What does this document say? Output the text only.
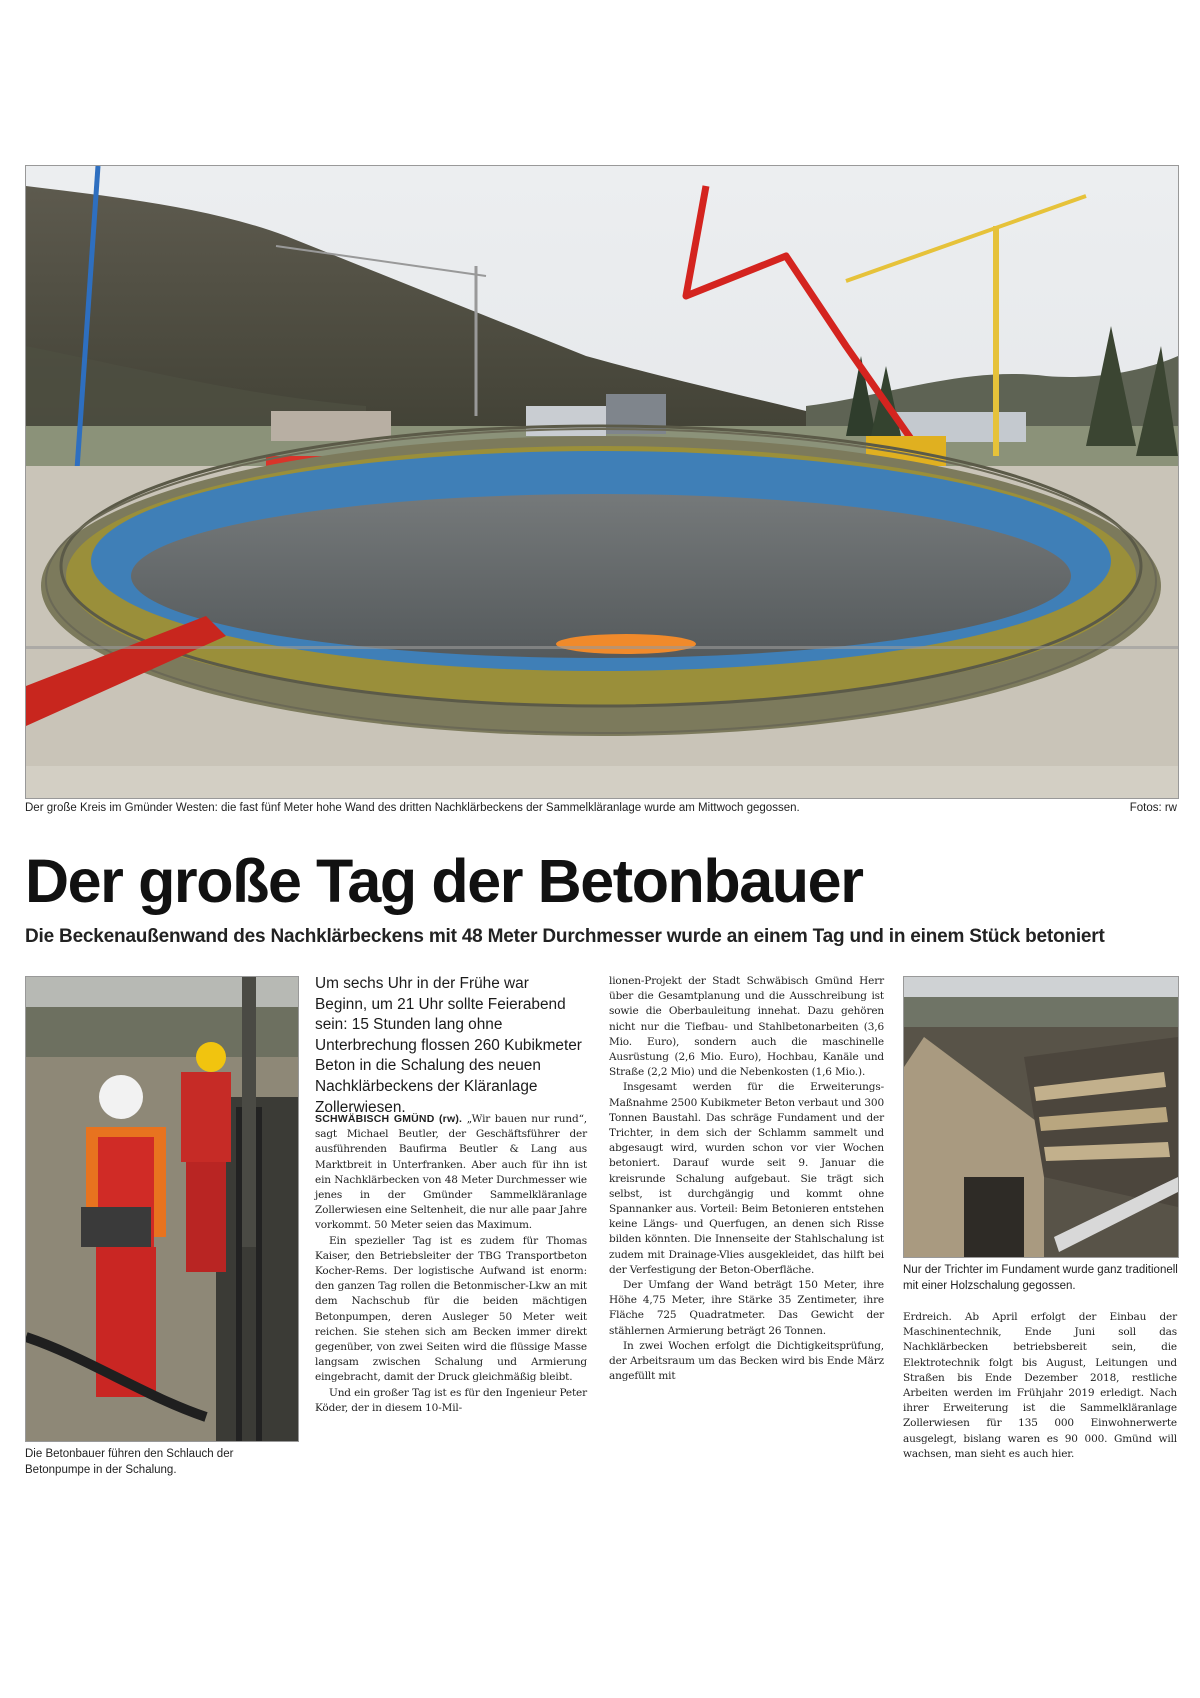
Der große Kreis im Gmünder Westen: die fast fünf Meter hohe Wand des dritten Nachklärbeckens der Sammelkläranlage wurde am Mittwoch gegossen.	Fotos: rw
Der große Tag der Betonbauer
Die Beckenaußenwand des Nachklärbeckens mit 48 Meter Durchmesser wurde an einem Tag und in einem Stück betoniert
Die Betonbauer führen den Schlauch der Betonpumpe in der Schalung.
Nur der Trichter im Fundament wurde ganz traditionell mit einer Holzschalung gegossen.
Um sechs Uhr in der Frühe war Beginn, um 21 Uhr sollte Feierabend sein: 15 Stunden lang ohne Unterbrechung flossen 260 Kubikmeter Beton in die Schalung des neuen Nachklärbeckens der Kläranlage Zollerwiesen.

SCHWÄBISCH GMÜND (rw). „Wir bauen nur rund“, sagt Michael Beutler, der Geschäftsführer der ausführenden Baufirma Beutler & Lang aus Marktbreit in Unterfranken. Aber auch für ihn ist ein Nachklärbecken von 48 Meter Durchmesser wie jenes in der Gmünder Sammelkläranlage Zollerwiesen eine Seltenheit, die nur alle paar Jahre vorkommt. 50 Meter seien das Maximum.

Ein spezieller Tag ist es zudem für Thomas Kaiser, den Betriebsleiter der TBG Transportbeton Kocher-Rems. Der logistische Aufwand ist enorm: den ganzen Tag rollen die Betonmischer-Lkw an mit dem Nachschub für die beiden mächtigen Betonpumpen, deren Ausleger 50 Meter weit reichen. Sie stehen sich am Becken immer direkt gegenüber, von zwei Seiten wird die flüssige Masse langsam zwischen Schalung und Armierung eingebracht, damit der Druck gleichmäßig bleibt.

Und ein großer Tag ist es für den Ingenieur Peter Köder, der in diesem 10-Mil-

lionen-Projekt der Stadt Schwäbisch Gmünd Herr über die Gesamtplanung und die Ausschreibung ist sowie die Oberbauleitung innehat. Dazu gehören nicht nur die Tiefbau- und Stahlbetonarbeiten (3,6 Mio. Euro), sondern auch die maschinelle Ausrüstung (2,6 Mio. Euro), Hochbau, Kanäle und Straße (2,2 Mio) und die Nebenkosten (1,6 Mio.).

Insgesamt werden für die Erweiterungs-Maßnahme 2500 Kubikmeter Beton verbaut und 300 Tonnen Baustahl. Das schräge Fundament und der Trichter, in dem sich der Schlamm sammelt und abgesaugt wird, wurden schon vor vier Wochen betoniert. Darauf wurde seit 9. Januar die kreisrunde Schalung aufgebaut. Sie trägt sich selbst, ist durchgängig und kommt ohne Spannanker aus. Vorteil: Beim Betonieren entstehen keine Längs- und Querfugen, an denen sich Risse bilden könnten. Die Innenseite der Stahlschalung ist zudem mit Drainage-Vlies ausgekleidet, das hilft bei der Verfestigung der Beton-Oberfläche.

Der Umfang der Wand beträgt 150 Meter, ihre Höhe 4,75 Meter, ihre Stärke 35 Zentimeter, ihre Fläche 725 Quadratmeter. Das Gewicht der stählernen Armierung beträgt 26 Tonnen.

In zwei Wochen erfolgt die Dichtigkeitsprüfung, der Arbeitsraum um das Becken wird bis Ende März angefüllt mit

Erdreich. Ab April erfolgt der Einbau der Maschinentechnik, Ende Juni soll das Nachklärbecken betriebsbereit sein, die Elektrotechnik folgt bis August, Leitungen und Straßen bis Ende Dezember 2018, restliche Arbeiten werden im Frühjahr 2019 erledigt. Nach ihrer Erweiterung ist die Sammelkläranlage Zollerwiesen für 135 000 Einwohnerwerte ausgelegt, bislang waren es 90 000. Gmünd will wachsen, man sieht es auch hier.
